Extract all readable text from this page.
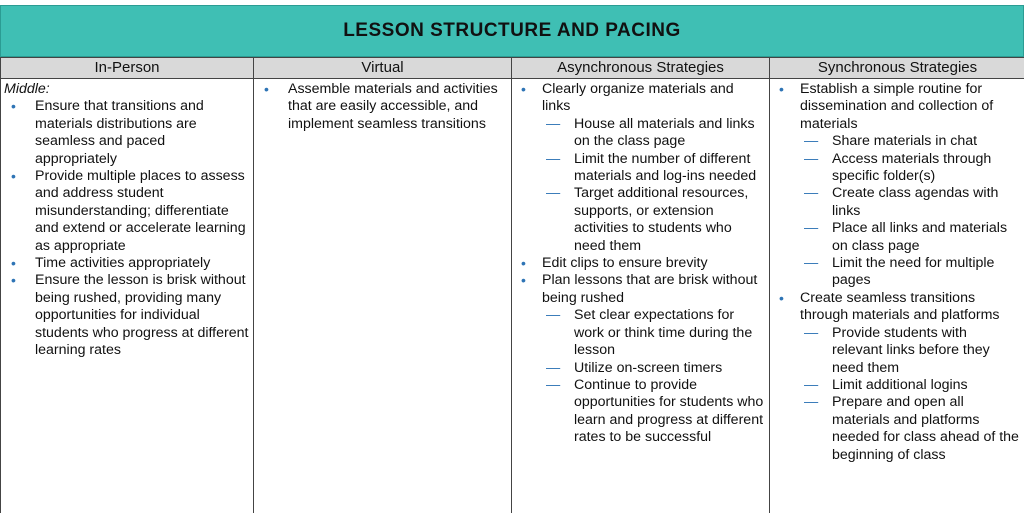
LESSON STRUCTURE AND PACING
In-Person
Middle:
• Ensure that transitions and materials distributions are seamless and paced appropriately
• Provide multiple places to assess and address student misunderstanding; differentiate and extend or accelerate learning as appropriate
• Time activities appropriately
• Ensure the lesson is brisk without being rushed, providing many opportunities for individual students who progress at different learning rates
Virtual
• Assemble materials and activities that are easily accessible, and implement seamless transitions
Asynchronous Strategies
• Clearly organize materials and links
— House all materials and links on the class page
— Limit the number of different materials and log-ins needed
— Target additional resources, supports, or extension activities to students who need them
• Edit clips to ensure brevity
• Plan lessons that are brisk without being rushed
— Set clear expectations for work or think time during the lesson
— Utilize on-screen timers
— Continue to provide opportunities for students who learn and progress at different rates to be successful
Synchronous Strategies
• Establish a simple routine for dissemination and collection of materials
— Share materials in chat
— Access materials through specific folder(s)
— Create class agendas with links
— Place all links and materials on class page
— Limit the need for multiple pages
• Create seamless transitions through materials and platforms
— Provide students with relevant links before they need them
— Limit additional logins
— Prepare and open all materials and platforms needed for class ahead of the beginning of class
